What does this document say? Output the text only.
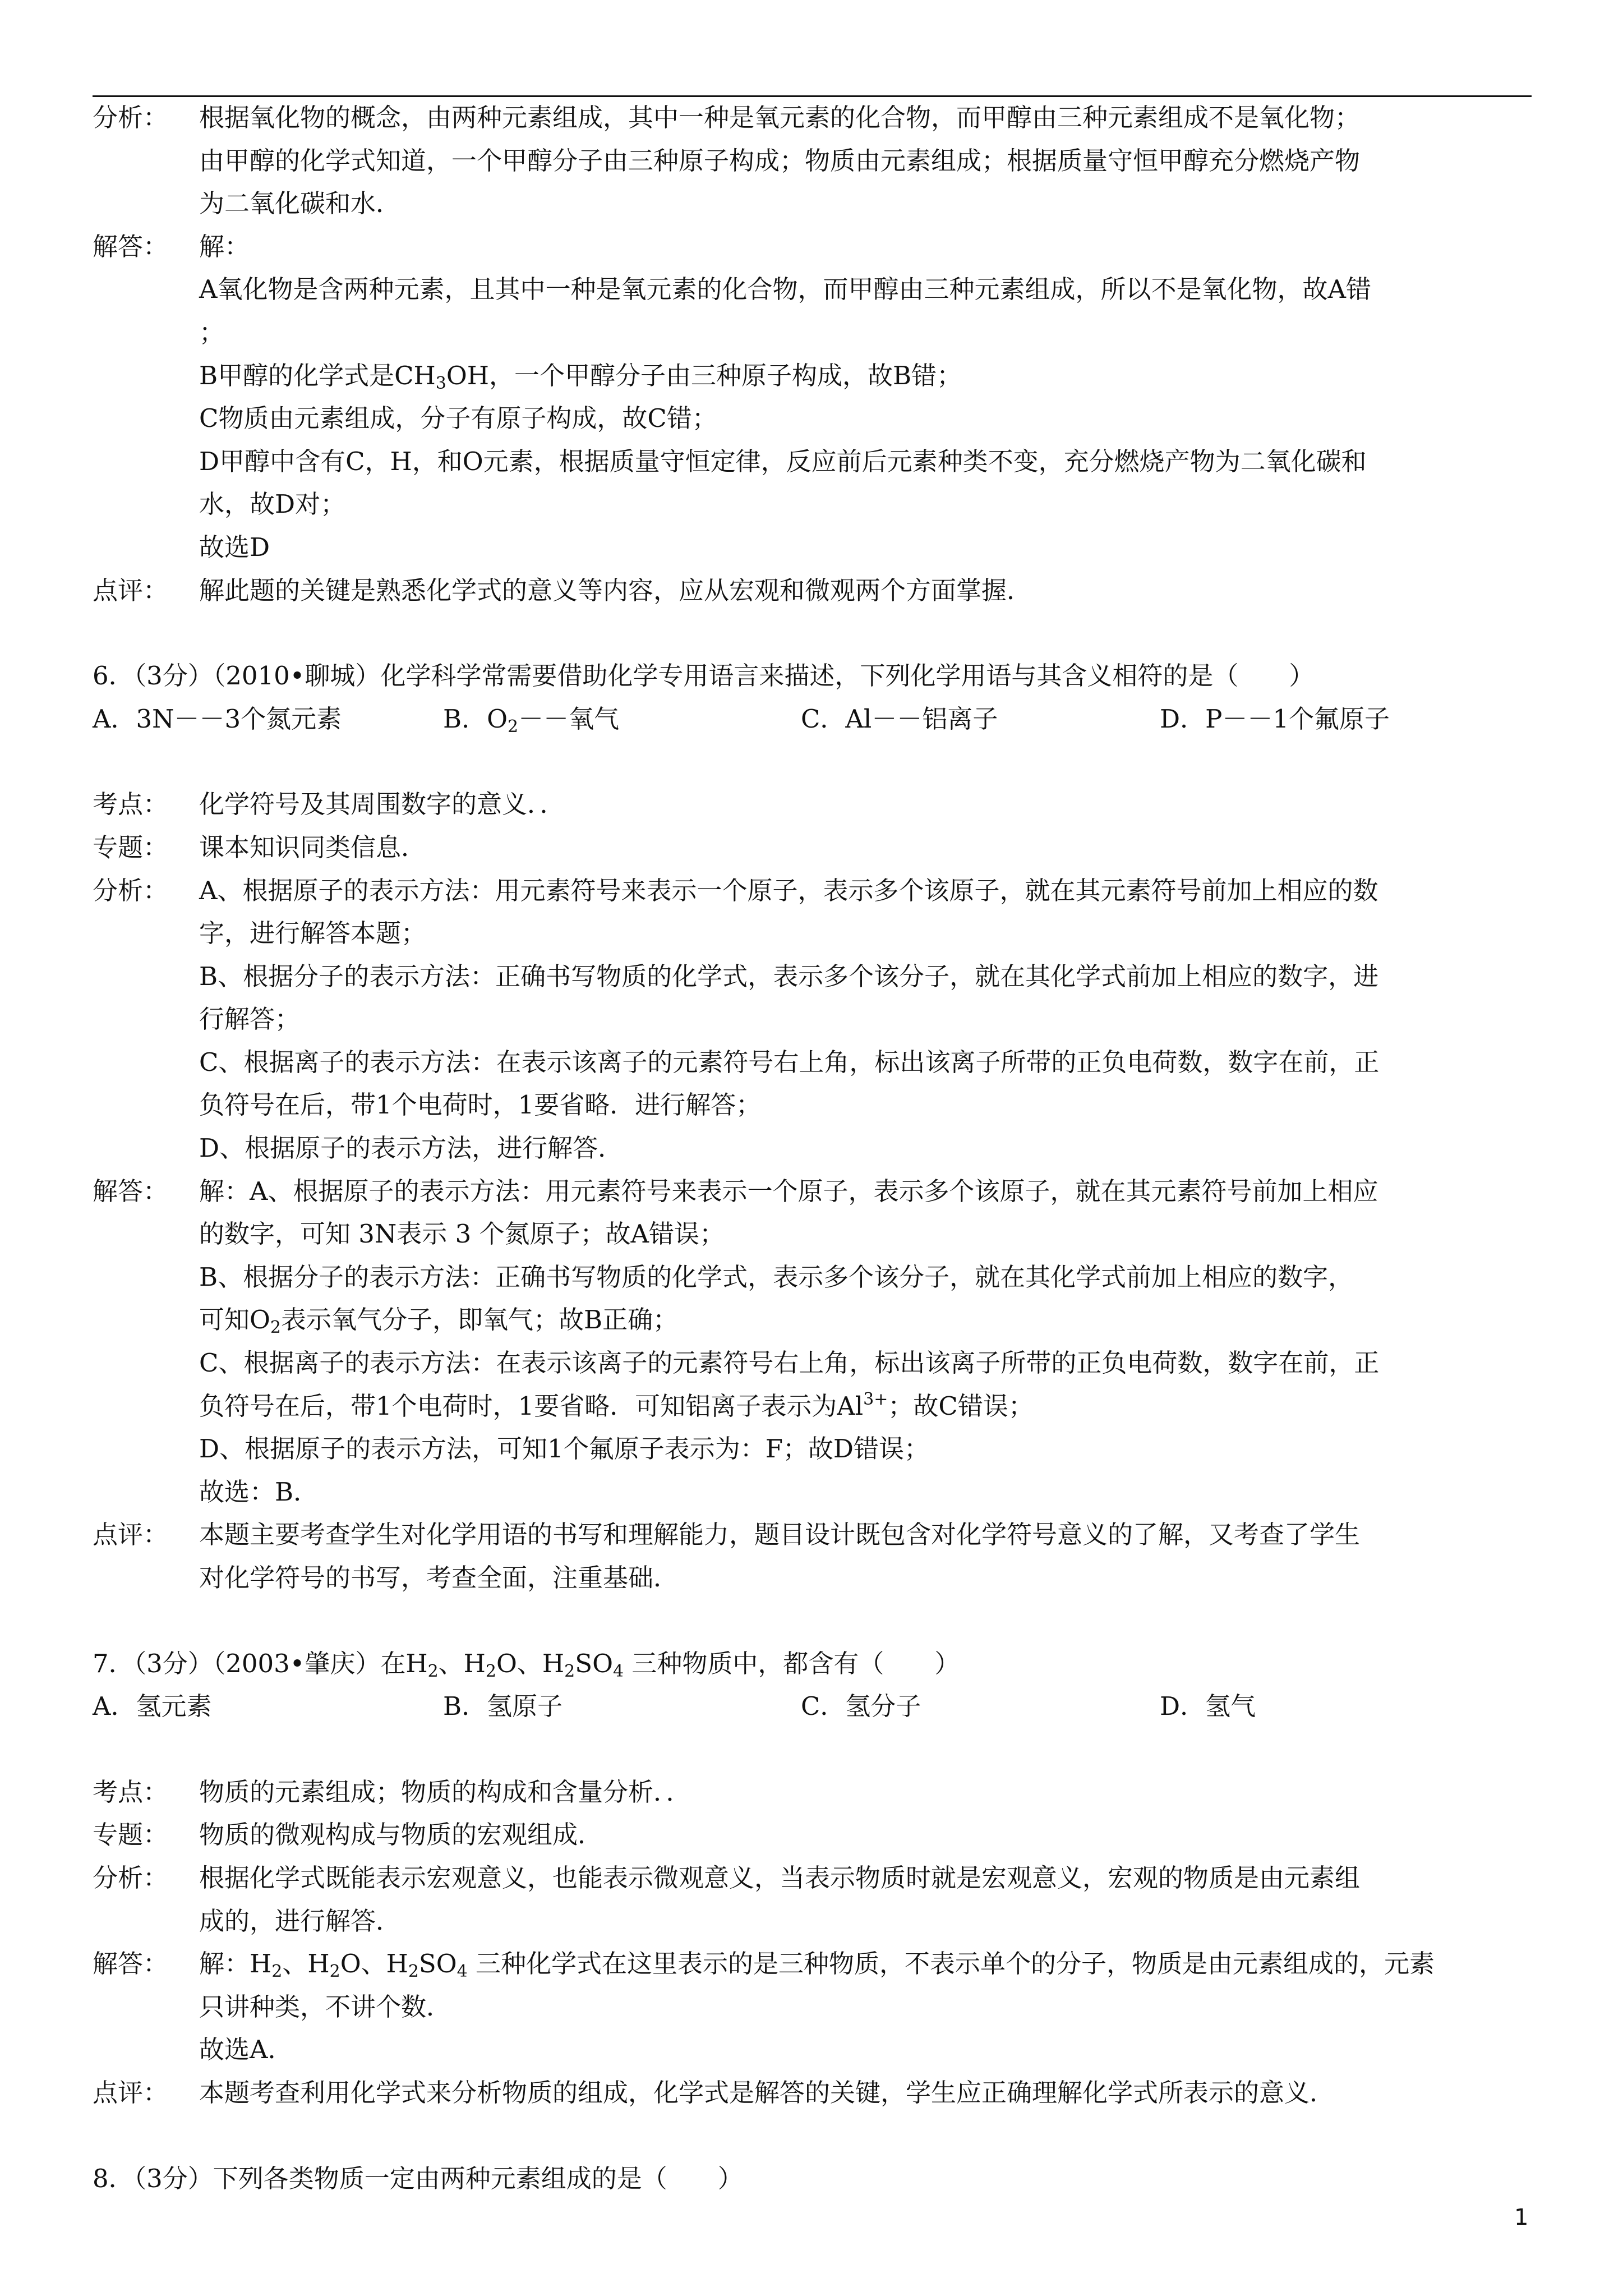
分析：	根据氧化物的概念，由两种元素组成，其中一种是氧元素的化合物，而甲醇由三种元素组成不是氧化物；
由甲醇的化学式知道，一个甲醇分子由三种原子构成；物质由元素组成；根据质量守恒甲醇充分燃烧产物
为二氧化碳和水．
解答：	解：
A氧化物是含两种元素，且其中一种是氧元素的化合物，而甲醇由三种元素组成，所以不是氧化物，故A错
；
B甲醇的化学式是$CH_3OH$，一个甲醇分子由三种原子构成，故B错；
C物质由元素组成，分子有原子构成，故C错；
D甲醇中含有C，H，和O元素，根据质量守恒定律，反应前后元素种类不变，充分燃烧产物为二氧化碳和
水，故D对；
故选D
点评：	解此题的关键是熟悉化学式的意义等内容，应从宏观和微观两个方面掌握．
6．（3分）（2010•聊城）化学科学常需要借助化学专用语言来描述，下列化学用语与其含义相符的是（　　）
A．3N－－3个氮元素	B．$O_2--$氧气	C．Al－－铝离子	D．P－－1个氟原子
考点：	化学符号及其周围数字的意义．．
专题：	课本知识同类信息．
分析：	A、根据原子的表示方法：用元素符号来表示一个原子，表示多个该原子，就在其元素符号前加上相应的数
字，进行解答本题；
B、根据分子的表示方法：正确书写物质的化学式，表示多个该分子，就在其化学式前加上相应的数字，进
行解答；
C、根据离子的表示方法：在表示该离子的元素符号右上角，标出该离子所带的正负电荷数，数字在前，正
负符号在后，带1个电荷时，1要省略．进行解答；
D、根据原子的表示方法，进行解答．
解答：	解：A、根据原子的表示方法：用元素符号来表示一个原子，表示多个该原子，就在其元素符号前加上相应
的数字，可知 3N表示 3 个氮原子；故A错误；
B、根据分子的表示方法：正确书写物质的化学式，表示多个该分子，就在其化学式前加上相应的数字，
可知$O_2$表示氧气分子，即氧气；故B正确；
C、根据离子的表示方法：在表示该离子的元素符号右上角，标出该离子所带的正负电荷数，数字在前，正
负符号在后，带1个电荷时，1要省略．可知铝离子表示为$Al^{3+}$；故C错误；
D、根据原子的表示方法，可知1个氟原子表示为：F；故D错误；
故选：B．
点评：	本题主要考查学生对化学用语的书写和理解能力，题目设计既包含对化学符号意义的了解，又考查了学生
对化学符号的书写，考查全面，注重基础．
7．（3分）（2003•肇庆）在$H_2$、$H_2O$、$H_2SO_4$ 三种物质中，都含有（　　）
A．氢元素	B．氢原子	C．氢分子	D．氢气
考点：	物质的元素组成；物质的构成和含量分析．．
专题：	物质的微观构成与物质的宏观组成．
分析：	根据化学式既能表示宏观意义，也能表示微观意义，当表示物质时就是宏观意义，宏观的物质是由元素组
成的，进行解答．
解答：	解：$H_2$、$H_2O$、$H_2SO_4$ 三种化学式在这里表示的是三种物质，不表示单个的分子，物质是由元素组成的，元素
只讲种类，不讲个数．
故选A．
点评：	本题考查利用化学式来分析物质的组成，化学式是解答的关键，学生应正确理解化学式所表示的意义．
8．（3分）下列各类物质一定由两种元素组成的是（　　）
1
